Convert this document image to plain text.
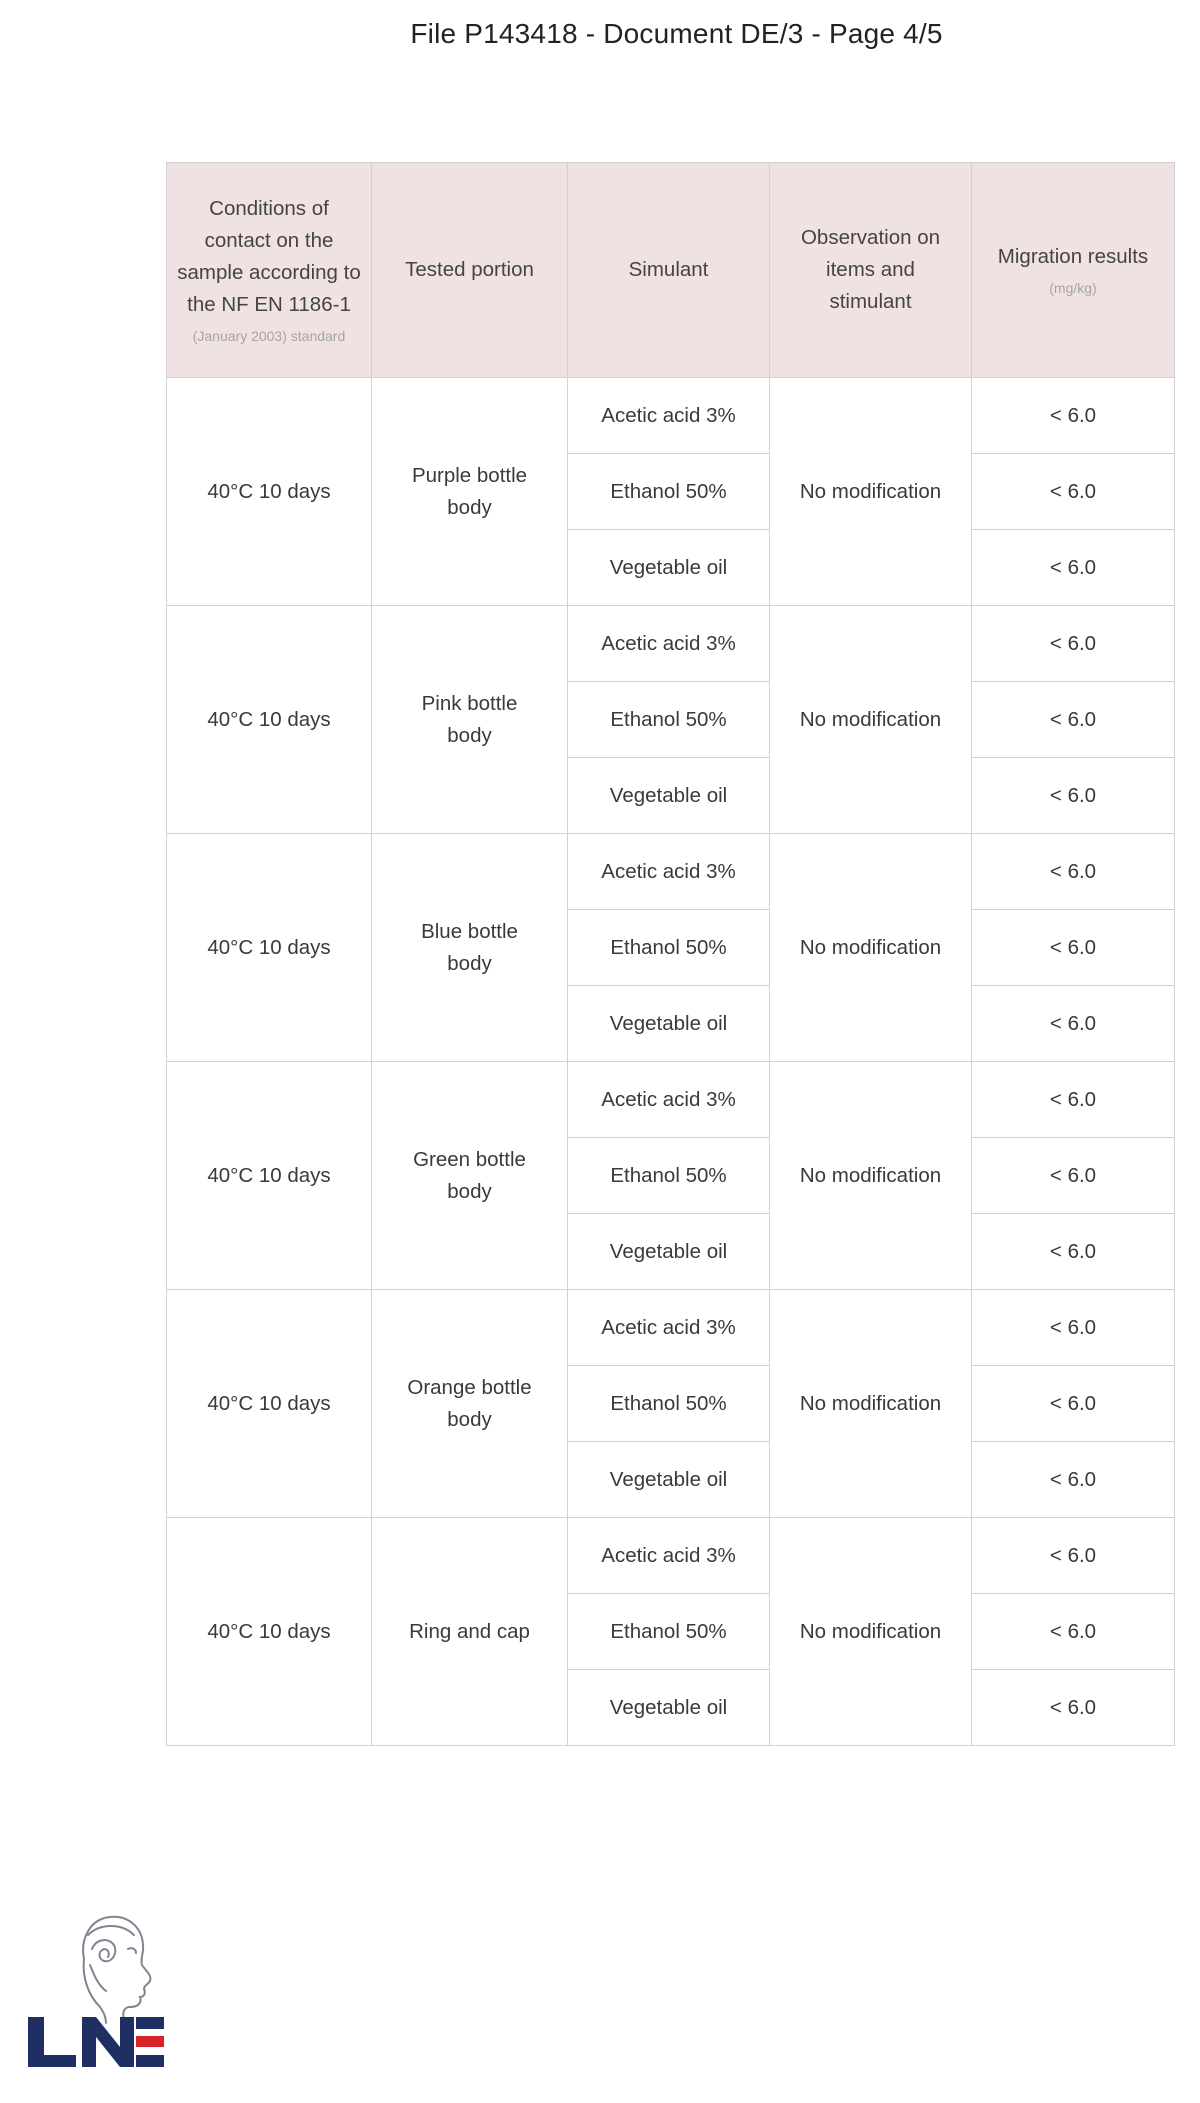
File P143418 - Document DE/3 - Page 4/5
Conditions of contact on the sample according to the NF EN 1186-1
(January 2003) standard	Tested portion	Simulant	Observation on items and stimulant	Migration results
(mg/kg)

40°C 10 days	Purple bottle body	Acetic acid 3%	No modification	< 6.0
		Ethanol 50%		< 6.0
		Vegetable oil		< 6.0
40°C 10 days	Pink bottle body	Acetic acid 3%	No modification	< 6.0
		Ethanol 50%		< 6.0
		Vegetable oil		< 6.0
40°C 10 days	Blue bottle body	Acetic acid 3%	No modification	< 6.0
		Ethanol 50%		< 6.0
		Vegetable oil		< 6.0
40°C 10 days	Green bottle body	Acetic acid 3%	No modification	< 6.0
		Ethanol 50%		< 6.0
		Vegetable oil		< 6.0
40°C 10 days	Orange bottle body	Acetic acid 3%	No modification	< 6.0
		Ethanol 50%		< 6.0
		Vegetable oil		< 6.0
40°C 10 days	Ring and cap	Acetic acid 3%	No modification	< 6.0
		Ethanol 50%		< 6.0
		Vegetable oil		< 6.0
